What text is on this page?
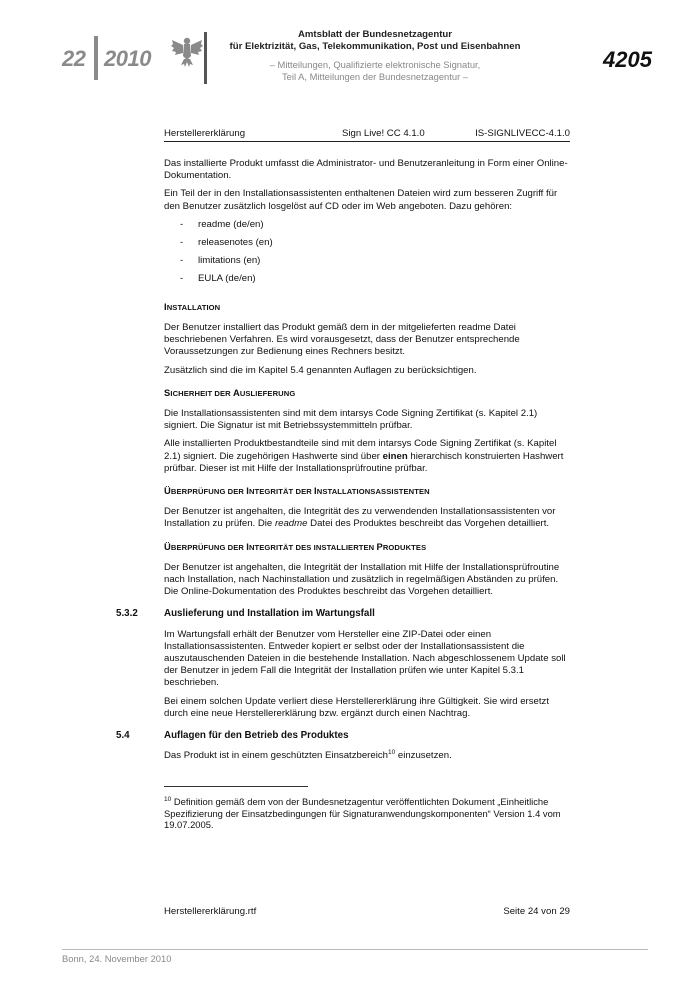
22 2010
Amtsblatt der Bundesnetzagentur
für Elektrizität, Gas, Telekommunikation, Post und Eisenbahnen
– Mitteilungen, Qualifizierte elektronische Signatur,
Teil A, Mitteilungen der Bundesnetzagentur –
4205
Herstellererklärung	Sign Live! CC 4.1.0	IS-SIGNLIVECC-4.1.0

Das installierte Produkt umfasst die Administrator- und Benutzeranleitung in Form einer Online-Dokumentation.

Ein Teil der in den Installationsassistenten enthaltenen Dateien wird zum besseren Zugriff für den Benutzer zusätzlich losgelöst auf CD oder im Web angeboten. Dazu gehören:

- readme (de/en)
- releasenotes (en)
- limitations (en)
- EULA (de/en)
INSTALLATION

Der Benutzer installiert das Produkt gemäß dem in der mitgelieferten readme Datei beschriebenen Verfahren. Es wird vorausgesetzt, dass der Benutzer entsprechende Voraussetzungen zur Bedienung eines Rechners besitzt.

Zusätzlich sind die im Kapitel 5.4 genannten Auflagen zu berücksichtigen.

SICHERHEIT DER AUSLIEFERUNG

Die Installationsassistenten sind mit dem intarsys Code Signing Zertifikat (s. Kapitel 2.1) signiert. Die Signatur ist mit Betriebssystemmitteln prüfbar.

Alle installierten Produktbestandteile sind mit dem intarsys Code Signing Zertifikat (s. Kapitel 2.1) signiert. Die zugehörigen Hashwerte sind über einen hierarchisch konstruierten Hashwert prüfbar. Dieser ist mit Hilfe der Installationsprüfroutine prüfbar.

ÜBERPRÜFUNG DER INTEGRITÄT DER INSTALLATIONSASSISTENTEN

Der Benutzer ist angehalten, die Integrität des zu verwendenden Installationsassistenten vor Installation zu prüfen. Die readme Datei des Produktes beschreibt das Vorgehen detailliert.

ÜBERPRÜFUNG DER INTEGRITÄT DES INSTALLIERTEN PRODUKTES

Der Benutzer ist angehalten, die Integrität der Installation mit Hilfe der Installationsprüfroutine nach Installation, nach Nachinstallation und zusätzlich in regelmäßigen Abständen zu prüfen. Die Online-Dokumentation des Produktes beschreibt das Vorgehen detailliert.

5.3.2	Auslieferung und Installation im Wartungsfall

Im Wartungsfall erhält der Benutzer vom Hersteller eine ZIP-Datei oder einen Installationsassistenten. Entweder kopiert er selbst oder der Installationsassistent die auszutauschenden Dateien in die bestehende Installation. Nach abgeschlossenem Update soll der Benutzer in jedem Fall die Integrität der Installation prüfen wie unter Kapitel 5.3.1 beschrieben.

Bei einem solchen Update verliert diese Herstellererklärung ihre Gültigkeit. Sie wird ersetzt durch eine neue Herstellererklärung bzw. ergänzt durch einen Nachtrag.

5.4	Auflagen für den Betrieb des Produktes

Das Produkt ist in einem geschützten Einsatzbereich$^{10}$ einzusetzen.

$^{10}$ Definition gemäß dem von der Bundesnetzagentur veröffentlichten Dokument „Einheitliche Spezifizierung der Einsatzbedingungen für Signaturanwendungskomponenten“ Version 1.4 vom 19.07.2005.
Herstellererklärung.rtf	Seite 24 von 29
Bonn, 24. November 2010
